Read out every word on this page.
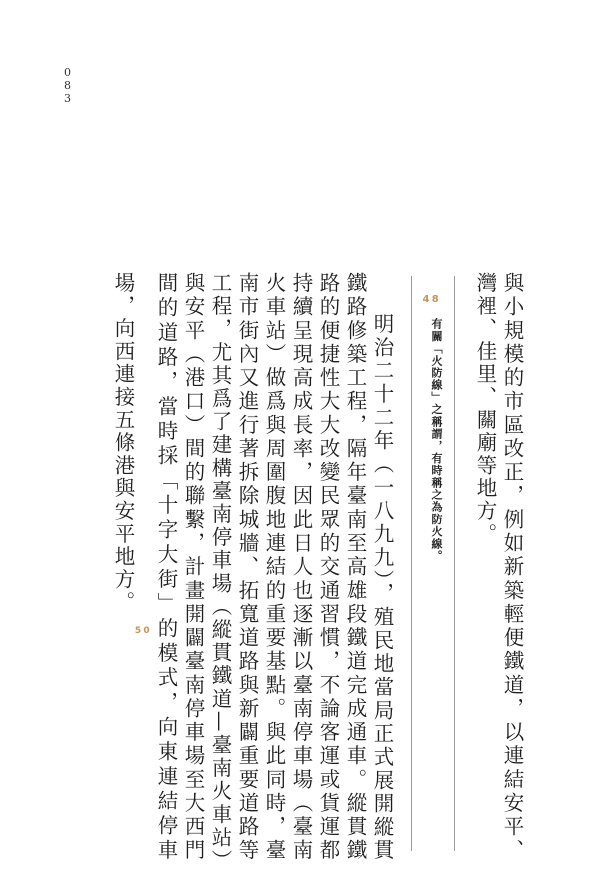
083

與小規模的市區改正，例如新築輕便鐵道，以連結安平、灣裡、佳里、關廟等地方。

48
有關「火防線」之稱謂，有時稱之為防火線。

明治二十二年（一八九九），殖民地當局正式展開縱貫鐵路修築工程，隔年臺南至高雄段鐵道完成通車。縱貫鐵路的便捷性大大改變民眾的交通習慣，不論客運或貨運都持續呈現高成長率，因此日人也逐漸以臺南停車場（臺南火車站）做爲與周圍腹地連結的重要基點。與此同時，臺南市街內又進行著拆除城牆、拓寬道路與新闢重要道路等工程，尤其爲了建構臺南停車場（縱貫鐵道—臺南火車站）與安平（港口）間的聯繫，計畫開闢臺南停車場至大西門間的道路，當時採「十字大街」的模式，向東連結停車場，向西連接五條港與安平地方。50
